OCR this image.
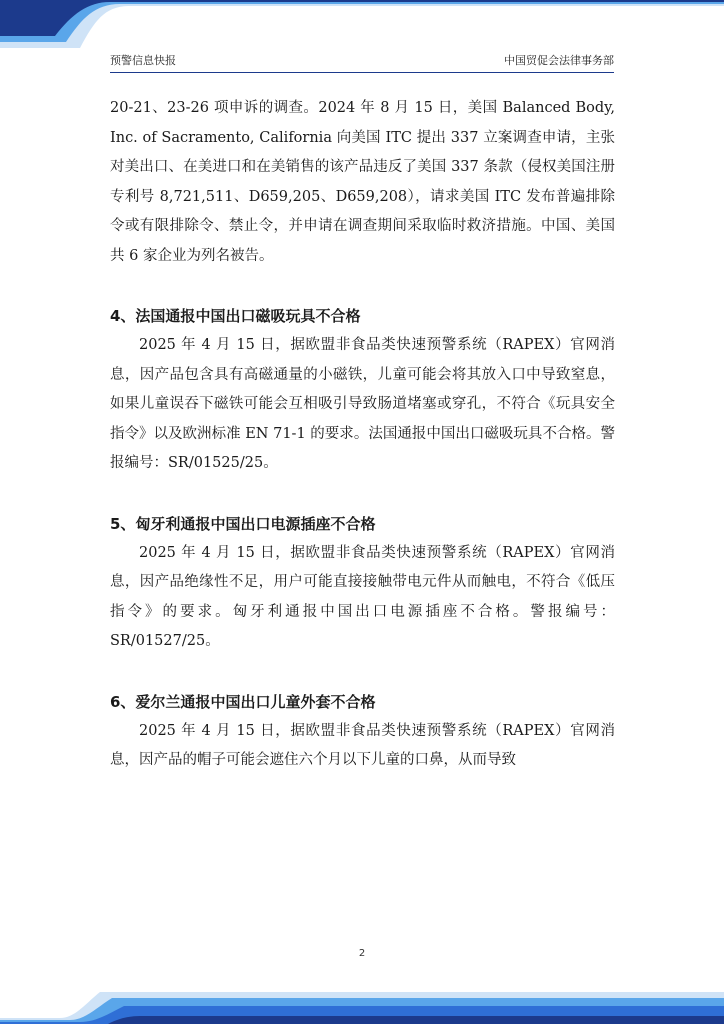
预警信息快报	中国贸促会法律事务部

20-21、23-26 项申诉的调查。2024 年 8 月 15 日，美国 Balanced Body, Inc. of Sacramento, California 向美国 ITC 提出 337 立案调查申请，主张对美出口、在美进口和在美销售的该产品违反了美国 337 条款（侵权美国注册专利号 8,721,511、D659,205、D659,208），请求美国 ITC 发布普遍排除令或有限排除令、禁止令，并申请在调查期间采取临时救济措施。中国、美国共 6 家企业为列名被告。

4、法国通报中国出口磁吸玩具不合格

2025 年 4 月 15 日，据欧盟非食品类快速预警系统（RAPEX）官网消息，因产品包含具有高磁通量的小磁铁，儿童可能会将其放入口中导致窒息，如果儿童误吞下磁铁可能会互相吸引导致肠道堵塞或穿孔，不符合《玩具安全指令》以及欧洲标准 EN 71-1 的要求。法国通报中国出口磁吸玩具不合格。警报编号：SR/01525/25。

5、匈牙利通报中国出口电源插座不合格

2025 年 4 月 15 日，据欧盟非食品类快速预警系统（RAPEX）官网消息，因产品绝缘性不足，用户可能直接接触带电元件从而触电，不符合《低压指令》的要求。匈牙利通报中国出口电源插座不合格。警报编号：SR/01527/25。

6、爱尔兰通报中国出口儿童外套不合格

2025 年 4 月 15 日，据欧盟非食品类快速预警系统（RAPEX）官网消息，因产品的帽子可能会遮住六个月以下儿童的口鼻，从而导致

2
